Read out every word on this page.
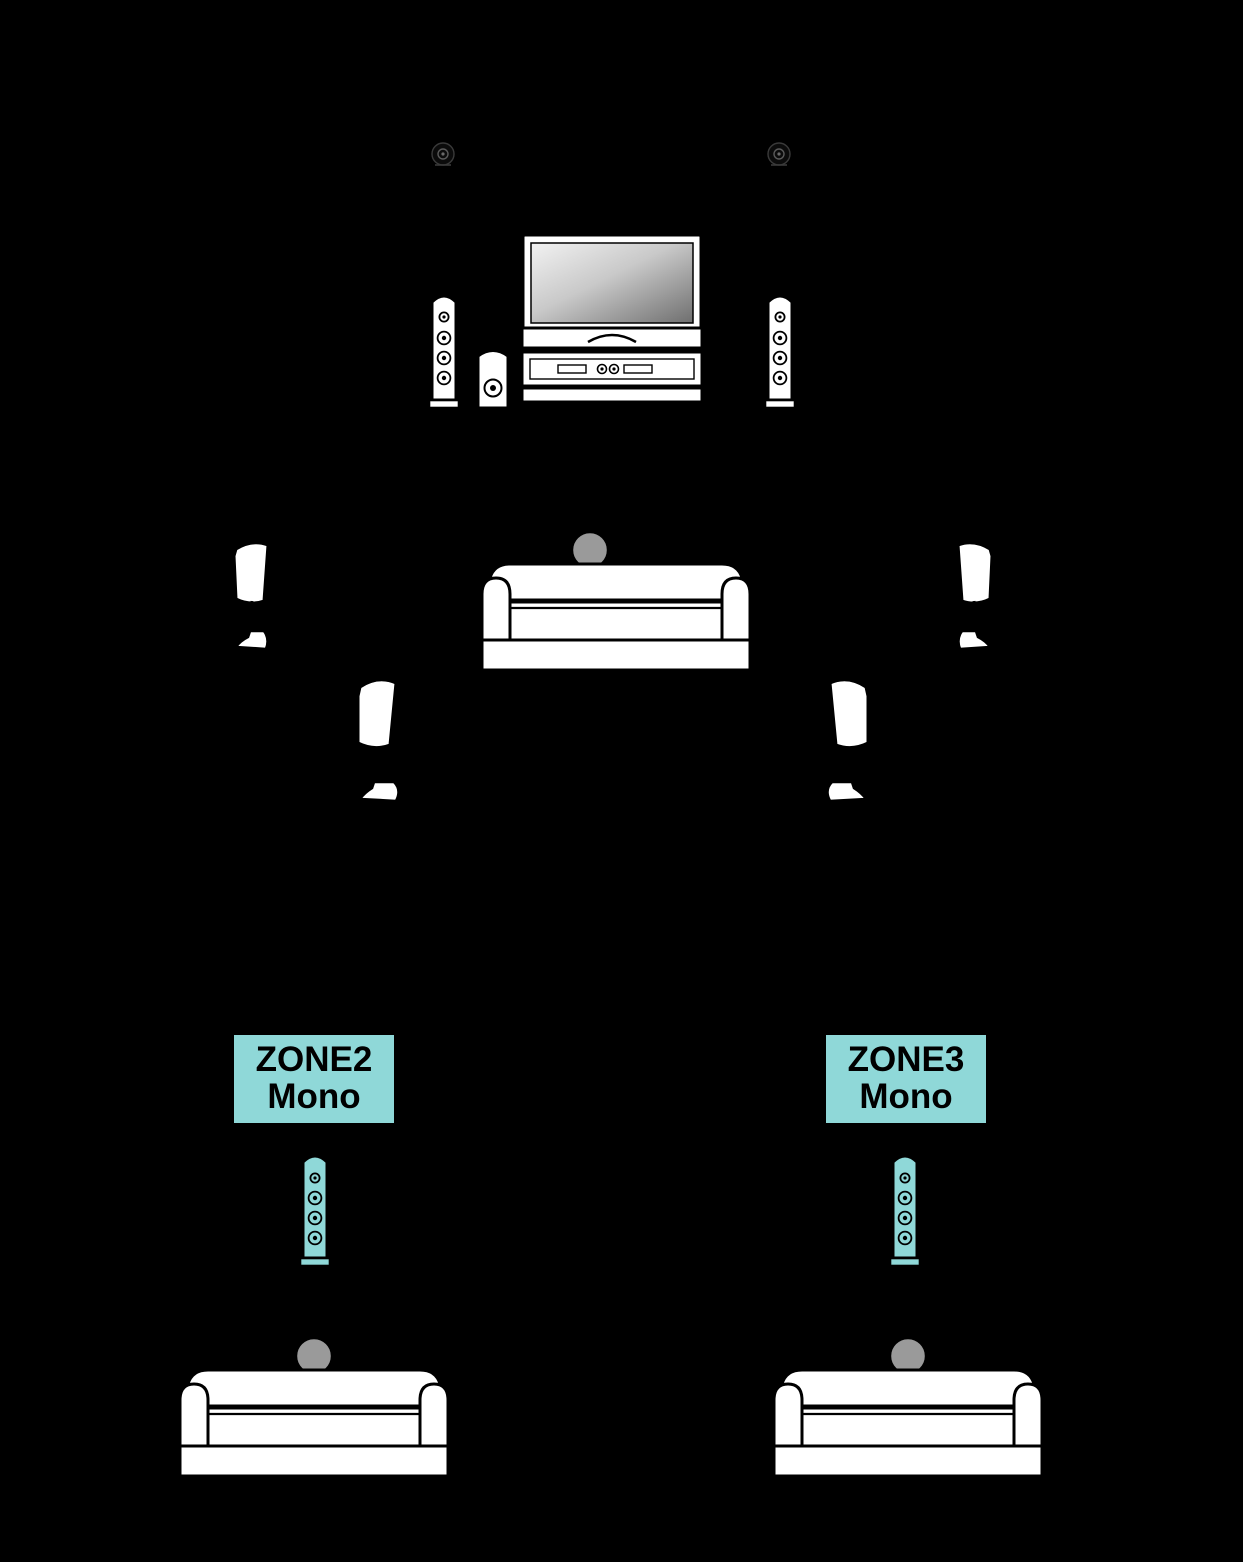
ZONE2
Mono
ZONE3
Mono
